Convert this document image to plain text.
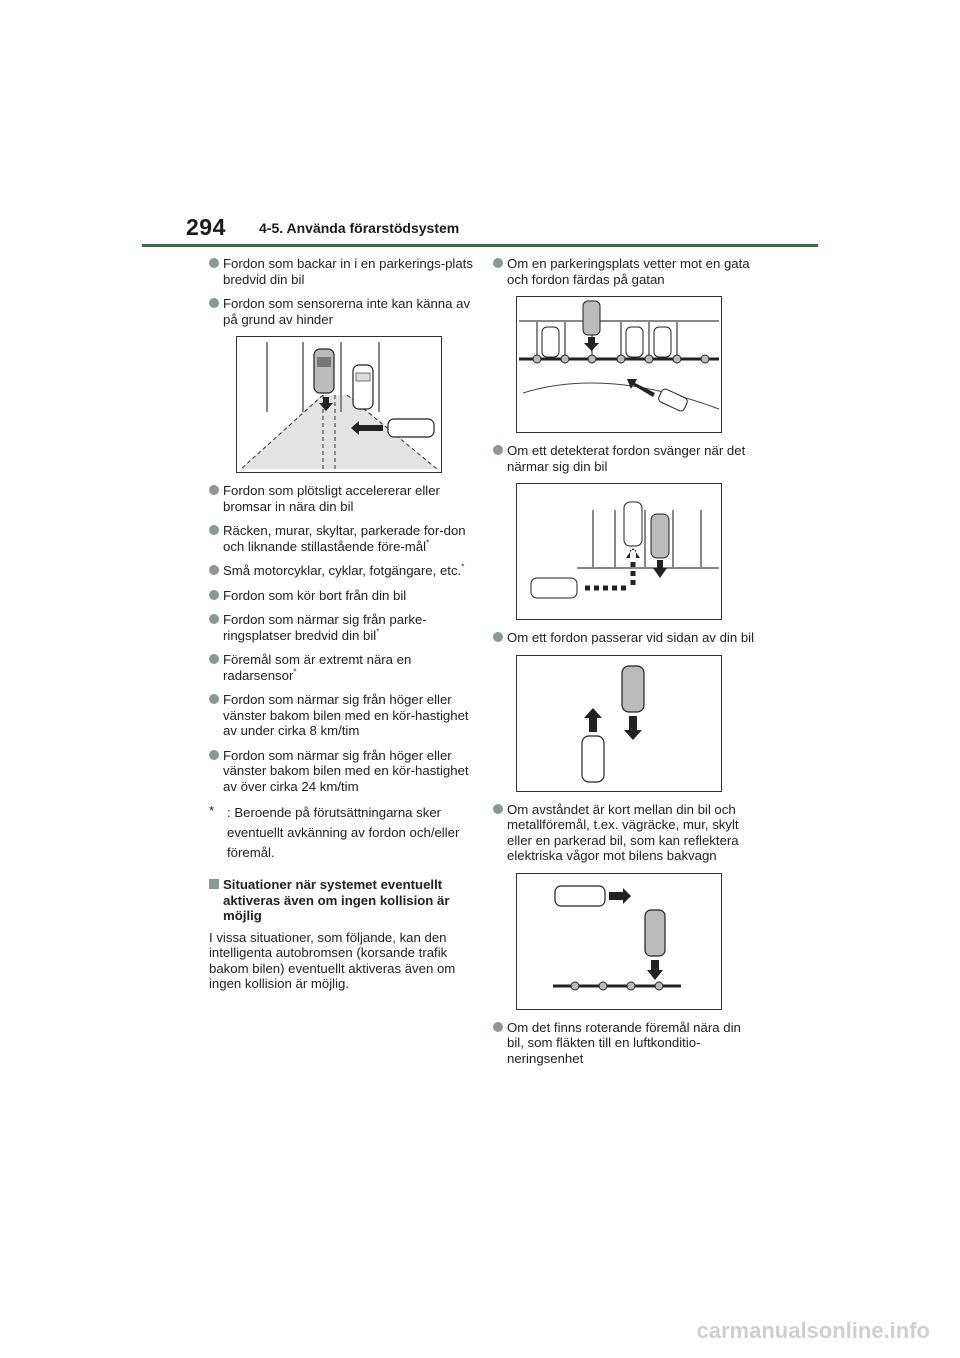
294 4-5. Använda förarstödsystem
Fordon som backar in i en parkerings-plats bredvid din bil
Fordon som sensorerna inte kan känna av på grund av hinder
Fordon som plötsligt accelererar eller bromsar in nära din bil
Räcken, murar, skyltar, parkerade for-don och liknande stillastående före-mål*
Små motorcyklar, cyklar, fotgängare, etc.*
Fordon som kör bort från din bil
Fordon som närmar sig från parke-ringsplatser bredvid din bil*
Föremål som är extremt nära en radarsensor*
Fordon som närmar sig från höger eller vänster bakom bilen med en kör-hastighet av under cirka 8 km/tim
Fordon som närmar sig från höger eller vänster bakom bilen med en kör-hastighet av över cirka 24 km/tim
* : Beroende på förutsättningarna sker eventuellt avkänning av fordon och/eller föremål.
Situationer när systemet eventuellt aktiveras även om ingen kollision är möjlig

I vissa situationer, som följande, kan den intelligenta autobromsen (korsande trafik bakom bilen) eventuellt aktiveras även om ingen kollision är möjlig.

Om en parkeringsplats vetter mot en gata och fordon färdas på gatan
Om ett detekterat fordon svänger när det närmar sig din bil
Om ett fordon passerar vid sidan av din bil
Om avståndet är kort mellan din bil och metallföremål, t.ex. vägräcke, mur, skylt eller en parkerad bil, som kan reflektera elektriska vågor mot bilens bakvagn
Om det finns roterande föremål nära din bil, som fläkten till en luftkonditio-neringsenhet
carmanualsonline.info
